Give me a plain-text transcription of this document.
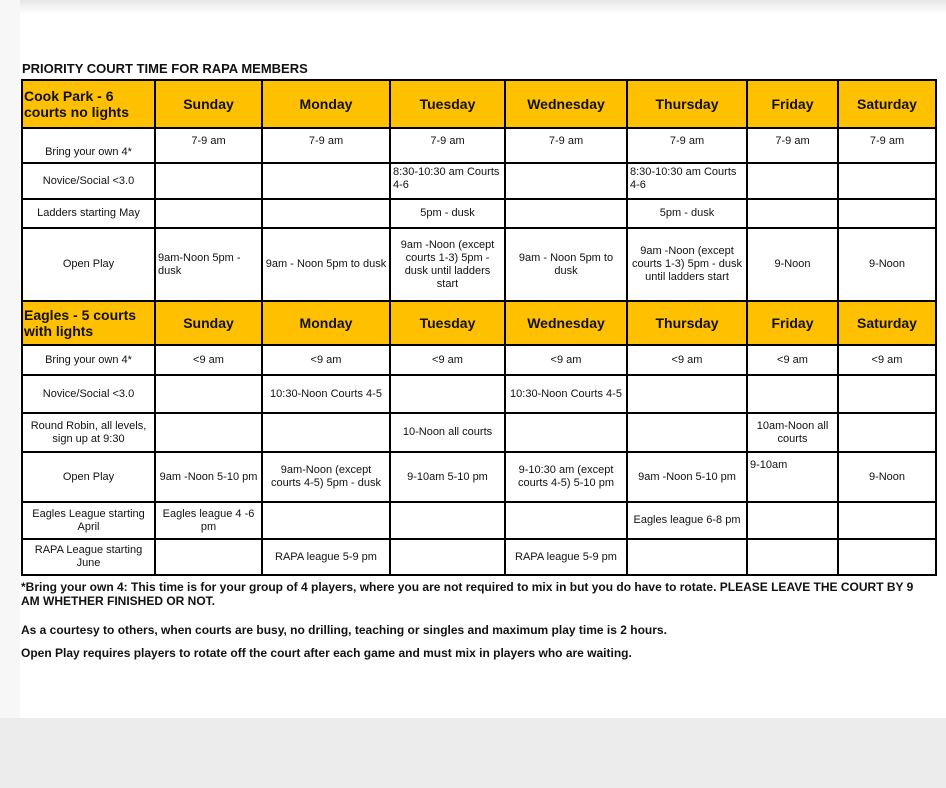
PRIORITY COURT TIME FOR RAPA MEMBERS
Cook Park - 6 courts no lights	Sunday	Monday	Tuesday	Wednesday	Thursday	Friday	Saturday
Bring your own 4*	7-9 am	7-9 am	7-9 am	7-9 am	7-9 am	7-9 am	7-9 am
Novice/Social <3.0			8:30-10:30 am Courts 4-6		8:30-10:30 am Courts 4-6		
Ladders starting May			5pm - dusk		5pm - dusk		
Open Play	9am-Noon 5pm - dusk	9am - Noon 5pm to dusk	9am -Noon (except courts 1-3) 5pm - dusk until ladders start	9am - Noon 5pm to dusk	9am -Noon (except courts 1-3) 5pm - dusk until ladders start	9-Noon	9-Noon
Eagles - 5 courts with lights	Sunday	Monday	Tuesday	Wednesday	Thursday	Friday	Saturday
Bring your own 4*	<9 am	<9 am	<9 am	<9 am	<9 am	<9 am	<9 am
Novice/Social <3.0		10:30-Noon Courts 4-5		10:30-Noon Courts 4-5			
Round Robin, all levels, sign up at 9:30			10-Noon all courts			10am-Noon all courts	
Open Play	9am -Noon 5-10 pm	9am-Noon (except courts 4-5) 5pm - dusk	9-10am 5-10 pm	9-10:30 am (except courts 4-5) 5-10 pm	9am -Noon 5-10 pm	9-10am	9-Noon
Eagles League starting April	Eagles league 4 -6 pm				Eagles league 6-8 pm		
RAPA League starting June		RAPA league 5-9 pm		RAPA league 5-9 pm			

*Bring your own 4: This time is for your group of 4 players, where you are not required to mix in but you do have to rotate. PLEASE LEAVE THE COURT BY 9 AM WHETHER FINISHED OR NOT.

As a courtesy to others, when courts are busy, no drilling, teaching or singles and maximum play time is 2 hours.
Open Play requires players to rotate off the court after each game and must mix in players who are waiting.
